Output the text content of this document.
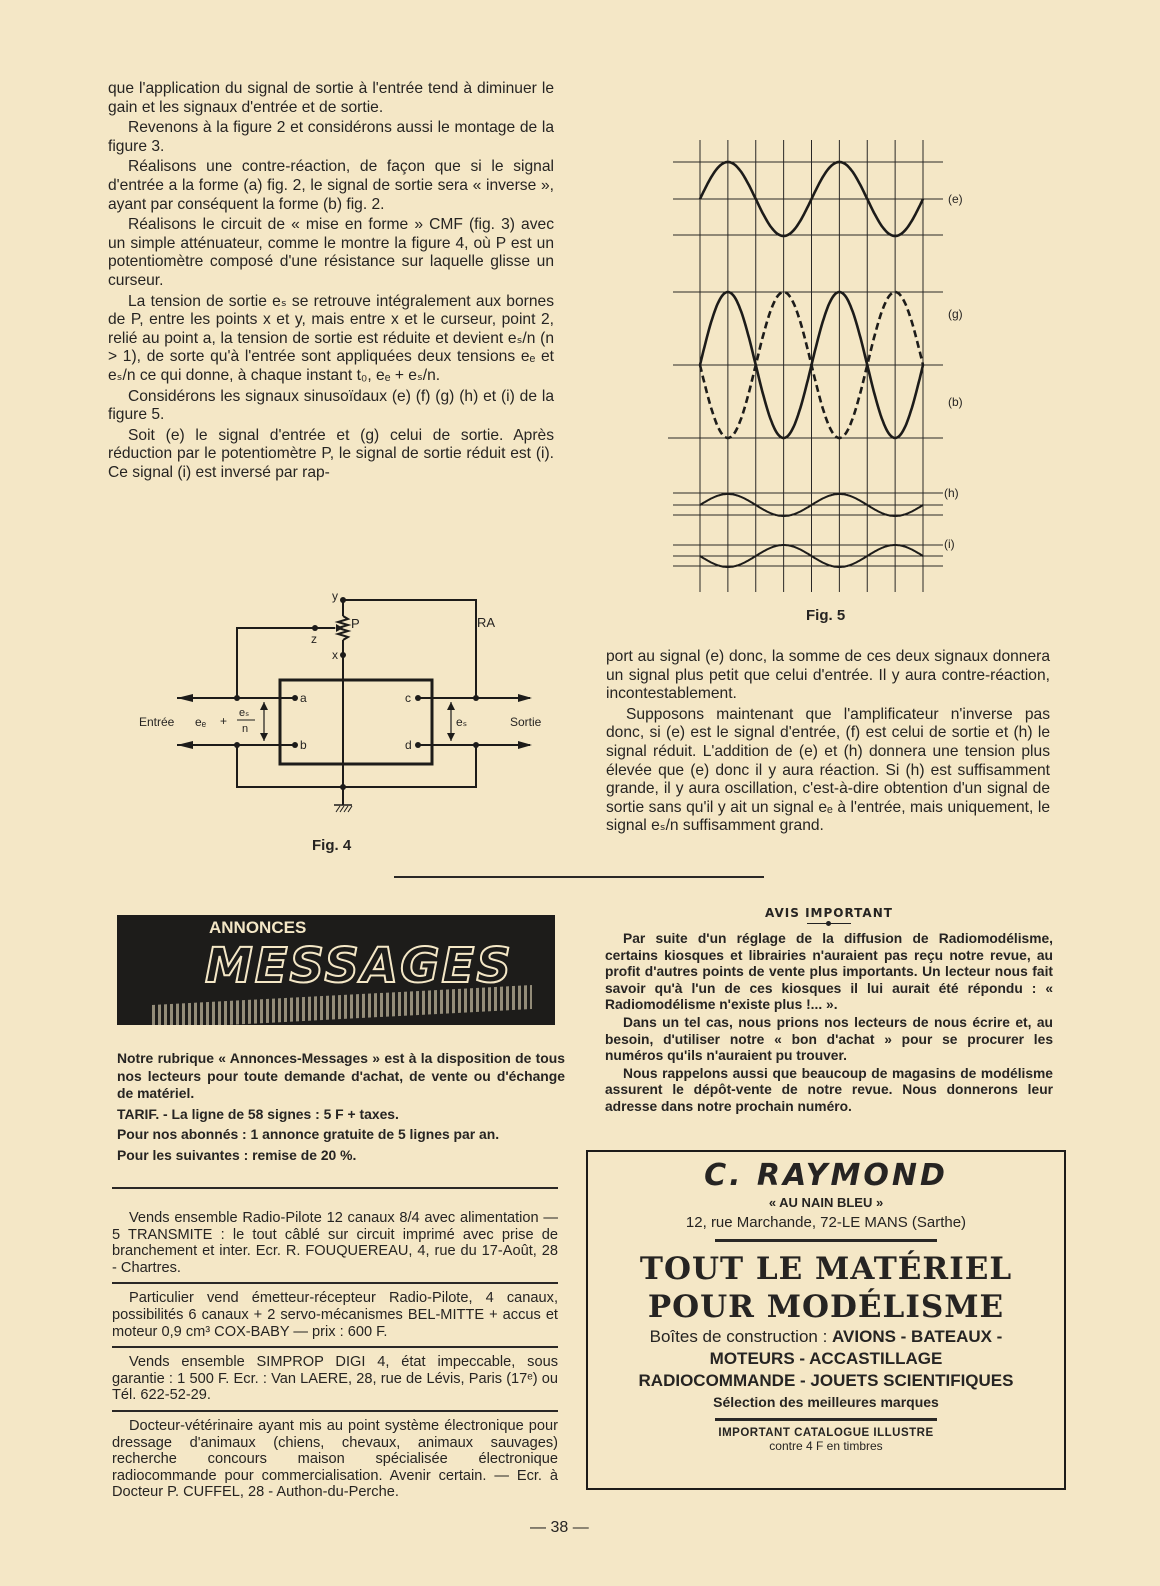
que l'application du signal de sortie à l'entrée tend à diminuer le gain et les signaux d'entrée et de sortie.

Revenons à la figure 2 et considérons aussi le montage de la figure 3.

Réalisons une contre-réaction, de façon que si le signal d'entrée a la forme (a) fig. 2, le signal de sortie sera « inverse », ayant par conséquent la forme (b) fig. 2.

Réalisons le circuit de « mise en forme » CMF (fig. 3) avec un simple atténuateur, comme le montre la figure 4, où P est un potentiomètre composé d'une résistance sur laquelle glisse un curseur.

La tension de sortie eₛ se retrouve intégralement aux bornes de P, entre les points x et y, mais entre x et le curseur, point 2, relié au point a, la tension de sortie est réduite et devient eₛ/n (n > 1), de sorte qu'à l'entrée sont appliquées deux tensions eₑ et eₛ/n ce qui donne, à chaque instant t₀, eₑ + eₛ/n.

Considérons les signaux sinusoïdaux (e) (f) (g) (h) et (i) de la figure 5.

Soit (e) le signal d'entrée et (g) celui de sortie. Après réduction par le potentiomètre P, le signal de sortie réduit est (i). Ce signal (i) est inversé par rap-

port au signal (e) donc, la somme de ces deux signaux donnera un signal plus petit que celui d'entrée. Il y aura contre-réaction, incontestablement.

Supposons maintenant que l'amplificateur n'inverse pas donc, si (e) est le signal d'entrée, (f) est celui de sortie et (h) le signal réduit. L'addition de (e) et (h) donnera une tension plus élevée que (e) donc il y aura réaction. Si (h) est suffisamment grande, il y aura oscillation, c'est-à-dire obtention d'un signal de sortie sans qu'il y ait un signal eₑ à l'entrée, mais uniquement, le signal eₛ/n suffisamment grand.

(e)
(g)
(b)
(h)
(i)
Fig. 5
y
z
x
P	RA
a
b
c
d
Entrée eₑ +
eₛ
n	eₛ	Sortie
Fig. 4
ANNONCES
MESSAGES

Notre rubrique « Annonces-Messages » est à la disposition de tous nos lecteurs pour toute demande d'achat, de vente ou d'échange de matériel.

TARIF. - La ligne de 58 signes : 5 F + taxes.

Pour nos abonnés : 1 annonce gratuite de 5 lignes par an.

Pour les suivantes : remise de 20 %.

Vends ensemble Radio-Pilote 12 canaux 8/4 avec alimentation — 5 TRANSMITE : le tout câblé sur circuit imprimé avec prise de branchement et inter. Ecr. R. FOUQUEREAU, 4, rue du 17-Août, 28 - Chartres.

Particulier vend émetteur-récepteur Radio-Pilote, 4 canaux, possibilités 6 canaux + 2 servo-mécanismes BEL-MITTE + accus et moteur 0,9 cm³ COX-BABY — prix : 600 F.

Vends ensemble SIMPROP DIGI 4, état impeccable, sous garantie : 1 500 F. Ecr. : Van LAERE, 28, rue de Lévis, Paris (17ᵉ) ou Tél. 622-52-29.

Docteur-vétérinaire ayant mis au point système électronique pour dressage d'animaux (chiens, chevaux, animaux sauvages) recherche concours maison spécialisée électronique radiocommande pour commercialisation. Avenir certain. — Ecr. à Docteur P. CUFFEL, 28 - Authon-du-Perche.

AVIS IMPORTANT

Par suite d'un réglage de la diffusion de Radiomodélisme, certains kiosques et librairies n'auraient pas reçu notre revue, au profit d'autres points de vente plus importants. Un lecteur nous fait savoir qu'à l'un de ces kiosques il lui aurait été répondu : « Radiomodélisme n'existe plus !... ».

Dans un tel cas, nous prions nos lecteurs de nous écrire et, au besoin, d'utiliser notre « bon d'achat » pour se procurer les numéros qu'ils n'auraient pu trouver.

Nous rappelons aussi que beaucoup de magasins de modélisme assurent le dépôt-vente de notre revue. Nous donnerons leur adresse dans notre prochain numéro.

C. RAYMOND
« AU NAIN BLEU »
12, rue Marchande, 72-LE MANS (Sarthe)
TOUT LE MATÉRIEL
POUR MODÉLISME
Boîtes de construction : AVIONS - BATEAUX -
MOTEURS - ACCASTILLAGE
RADIOCOMMANDE - JOUETS SCIENTIFIQUES
Sélection des meilleures marques
IMPORTANT CATALOGUE ILLUSTRE
contre 4 F en timbres
— 38 —
